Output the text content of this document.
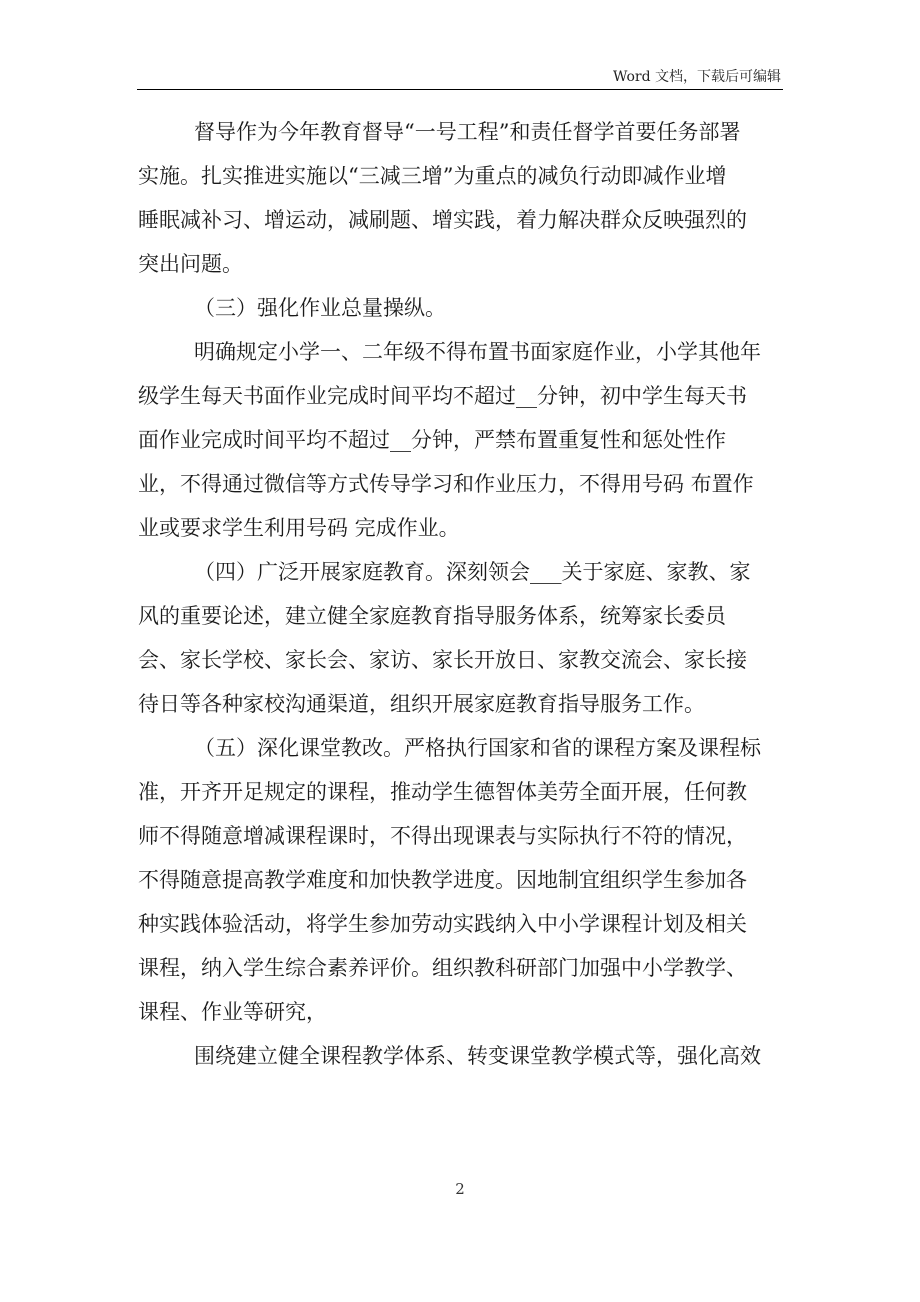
Word 文档，下载后可编辑
督导作为今年教育督导“一号工程”和责任督学首要任务部署
实施。扎实推进实施以“三减三增”为重点的减负行动即减作业增
睡眠减补习、增运动，减刷题、增实践，着力解决群众反映强烈的
突出问题。
（三）强化作业总量操纵。
明确规定小学一、二年级不得布置书面家庭作业，小学其他年
级学生每天书面作业完成时间平均不超过__分钟，初中学生每天书
面作业完成时间平均不超过__分钟，严禁布置重复性和惩处性作
业，不得通过微信等方式传导学习和作业压力，不得用号码 布置作
业或要求学生利用号码 完成作业。
（四）广泛开展家庭教育。深刻领会___关于家庭、家教、家
风的重要论述，建立健全家庭教育指导服务体系，统筹家长委员
会、家长学校、家长会、家访、家长开放日、家教交流会、家长接
待日等各种家校沟通渠道，组织开展家庭教育指导服务工作。
（五）深化课堂教改。严格执行国家和省的课程方案及课程标
准，开齐开足规定的课程，推动学生德智体美劳全面开展，任何教
师不得随意增减课程课时，不得出现课表与实际执行不符的情况，
不得随意提高教学难度和加快教学进度。因地制宜组织学生参加各
种实践体验活动，将学生参加劳动实践纳入中小学课程计划及相关
课程，纳入学生综合素养评价。组织教科研部门加强中小学教学、
课程、作业等研究，
围绕建立健全课程教学体系、转变课堂教学模式等，强化高效
2
